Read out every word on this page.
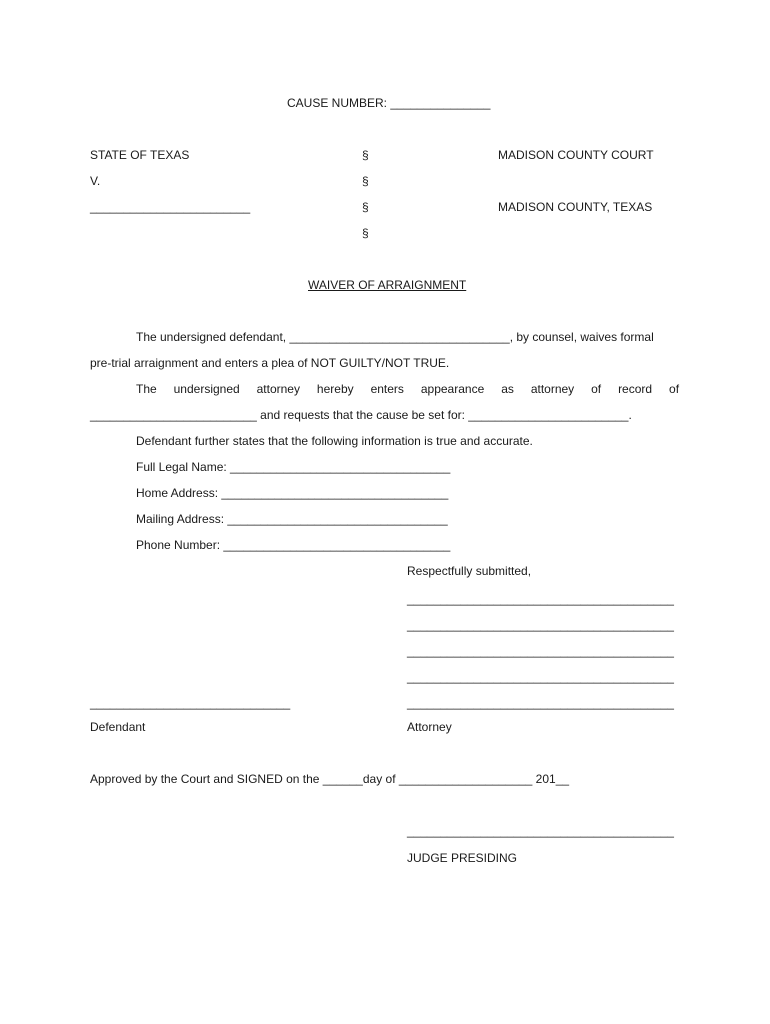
CAUSE NUMBER: _______________
STATE OF TEXAS
V.
________________________
§
§
§
§
MADISON COUNTY COURT
MADISON COUNTY, TEXAS
WAIVER OF ARRAIGNMENT
The undersigned defendant, _________________________________, by counsel, waives formal
pre-trial arraignment and enters a plea of NOT GUILTY/NOT TRUE.
The undersigned attorney hereby enters appearance as attorney of record of
_________________________ and requests that the cause be set for: ________________________.
Defendant further states that the following information is true and accurate.
Full Legal Name: _________________________________
Home Address: __________________________________
Mailing Address: _________________________________
Phone Number: __________________________________
Respectfully submitted,
________________________________________
________________________________________
________________________________________
________________________________________
________________________________________
______________________________
Defendant	Attorney
Approved by the Court and SIGNED on the ______day of ____________________ 201__
________________________________________
JUDGE PRESIDING
